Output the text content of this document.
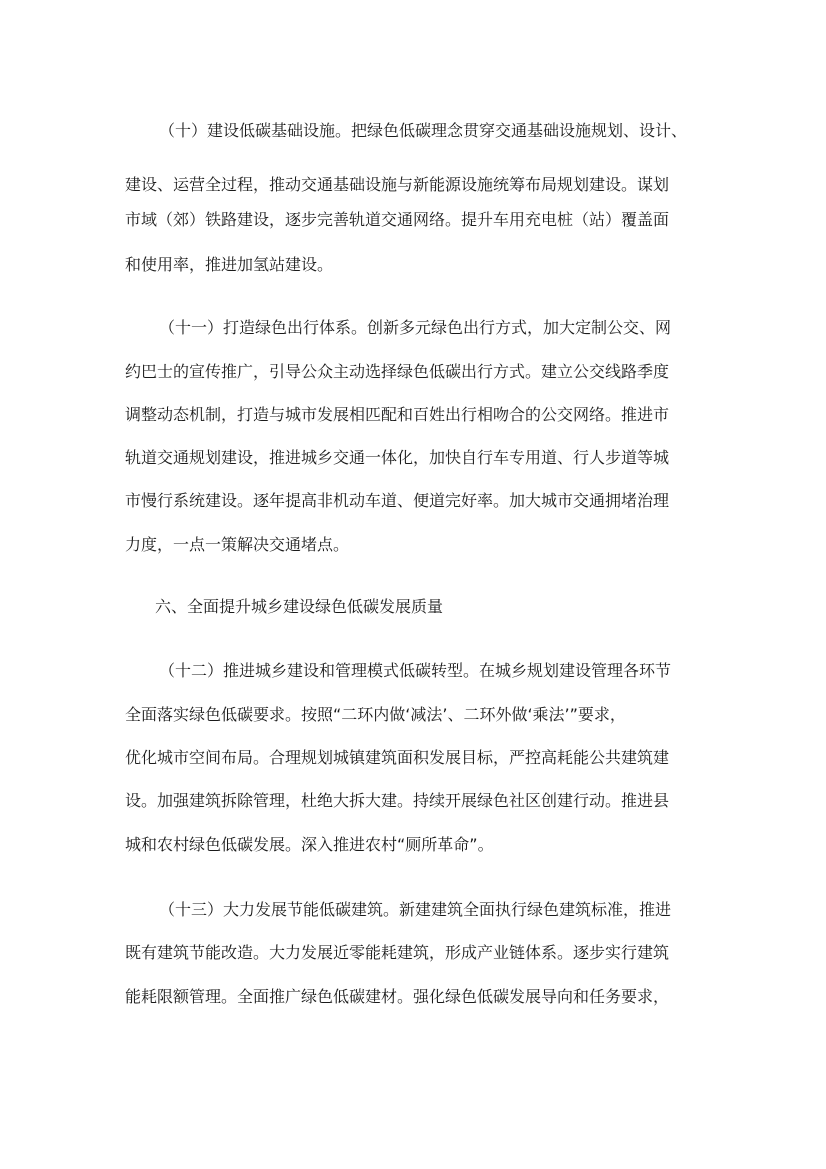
（十）建设低碳基础设施。把绿色低碳理念贯穿交通基础设施规划、设计、
建设、运营全过程，推动交通基础设施与新能源设施统筹布局规划建设。谋划
市域（郊）铁路建设，逐步完善轨道交通网络。提升车用充电桩（站）覆盖面
和使用率，推进加氢站建设。
（十一）打造绿色出行体系。创新多元绿色出行方式，加大定制公交、网
约巴士的宣传推广，引导公众主动选择绿色低碳出行方式。建立公交线路季度
调整动态机制，打造与城市发展相匹配和百姓出行相吻合的公交网络。推进市
轨道交通规划建设，推进城乡交通一体化，加快自行车专用道、行人步道等城
市慢行系统建设。逐年提高非机动车道、便道完好率。加大城市交通拥堵治理
力度，一点一策解决交通堵点。
六、全面提升城乡建设绿色低碳发展质量
（十二）推进城乡建设和管理模式低碳转型。在城乡规划建设管理各环节
全面落实绿色低碳要求。按照“二环内做‘减法’、二环外做‘乘法’”要求，
优化城市空间布局。合理规划城镇建筑面积发展目标，严控高耗能公共建筑建
设。加强建筑拆除管理，杜绝大拆大建。持续开展绿色社区创建行动。推进县
城和农村绿色低碳发展。深入推进农村“厕所革命”。
（十三）大力发展节能低碳建筑。新建建筑全面执行绿色建筑标准，推进
既有建筑节能改造。大力发展近零能耗建筑，形成产业链体系。逐步实行建筑
能耗限额管理。全面推广绿色低碳建材。强化绿色低碳发展导向和任务要求，
